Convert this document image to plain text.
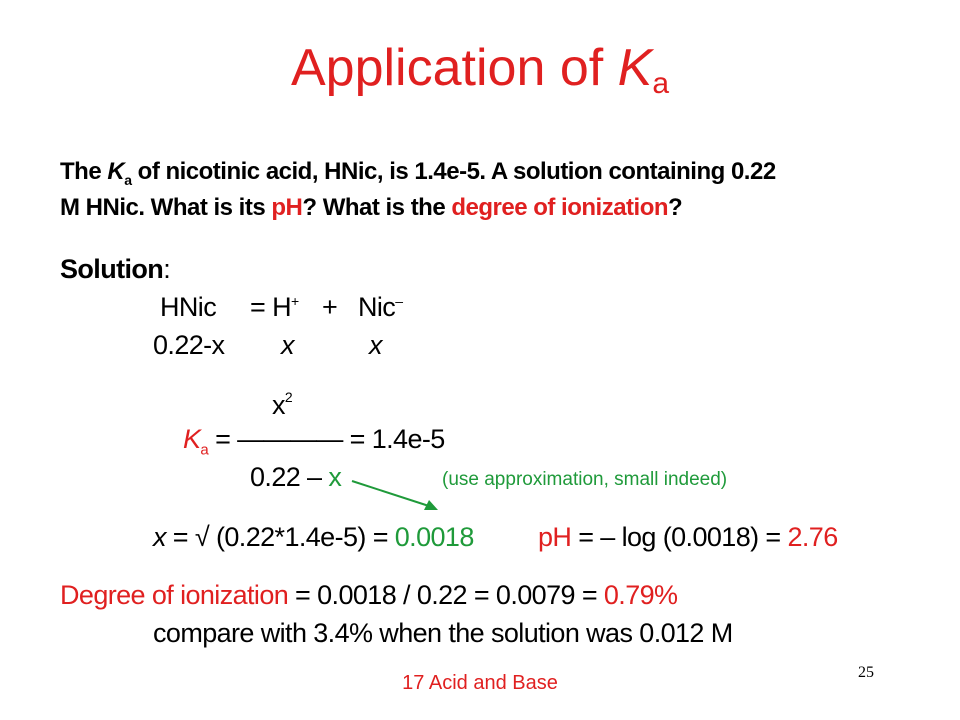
Application of $K_a$
The $K_a$ of nicotinic acid, HNic, is 1.4e-5. A solution containing 0.22
M HNic. What is its pH? What is the degree of ionization?
Solution:
HNic = H+ + Nic–
0.22-x x	x
$x^2$
$K_a$ = ———— = 1.4e-5
0.22 – x	(use approximation, small indeed)
x = √ (0.22*1.4e-5) = 0.0018 pH = – log (0.0018) = 2.76
Degree of ionization = 0.0018 / 0.22 = 0.0079 = 0.79%
compare with 3.4% when the solution was 0.012 M
17 Acid and Base	25
